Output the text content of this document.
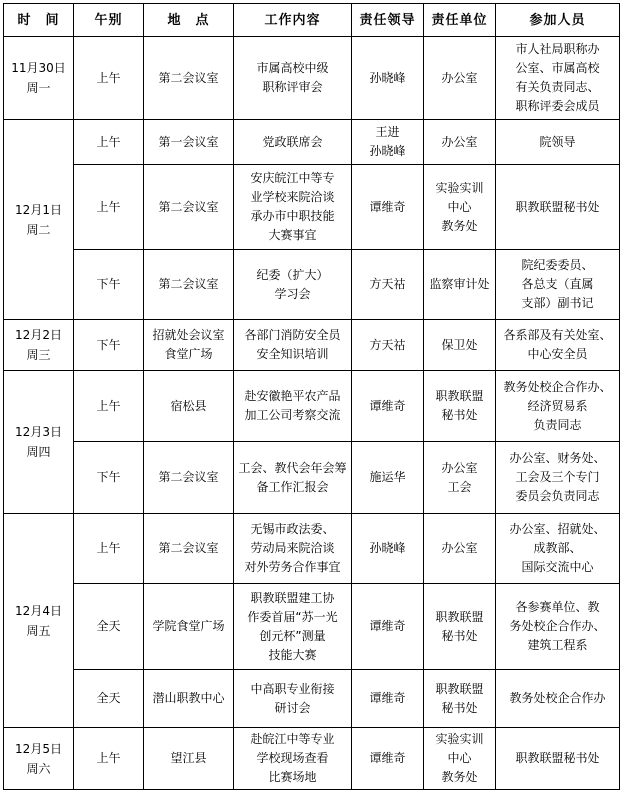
时　间	午别	地　点	工作内容	责任领导	责任单位	参加人员

11月30日
周一	上午	第二会议室	市属高校中级
职称评审会	孙晓峰	办公室	市人社局职称办
公室、市属高校
有关负责同志、
职称评委会成员

12月1日
周二	上午	第一会议室	党政联席会	王进
孙晓峰	办公室	院领导

	上午	第二会议室	安庆皖江中等专
业学校来院洽谈
承办市中职技能
大赛事宜	谭维奇	实验实训
中心
教务处	职教联盟秘书处

	下午	第二会议室	纪委（扩大）
学习会	方天祜	监察审计处	院纪委委员、
各总支（直属
支部）副书记

12月2日
周三	下午	招就处会议室
食堂广场	各部门消防安全员
安全知识培训	方天祜	保卫处	各系部及有关处室、
中心安全员

12月3日
周四	上午	宿松县	赴安徽艳平农产品
加工公司考察交流	谭维奇	职教联盟
秘书处	教务处校企合作办、
经济贸易系
负责同志

	下午	第二会议室	工会、教代会年会筹
备工作汇报会	施运华	办公室
工会	办公室、财务处、
工会及三个专门
委员会负责同志

12月4日
周五	上午	第二会议室	无锡市政法委、
劳动局来院洽谈
对外劳务合作事宜	孙晓峰	办公室	办公室、招就处、
成教部、
国际交流中心

	全天	学院食堂广场	职教联盟建工协
作委首届“苏一光
创元杯”测量
技能大赛	谭维奇	职教联盟
秘书处	各参赛单位、教
务处校企合作办、
建筑工程系

	全天	潜山职教中心	中高职专业衔接
研讨会	谭维奇	职教联盟
秘书处	教务处校企合作办

12月5日
周六	上午	望江县	赴皖江中等专业
学校现场查看
比赛场地	谭维奇	实验实训
中心
教务处	职教联盟秘书处
